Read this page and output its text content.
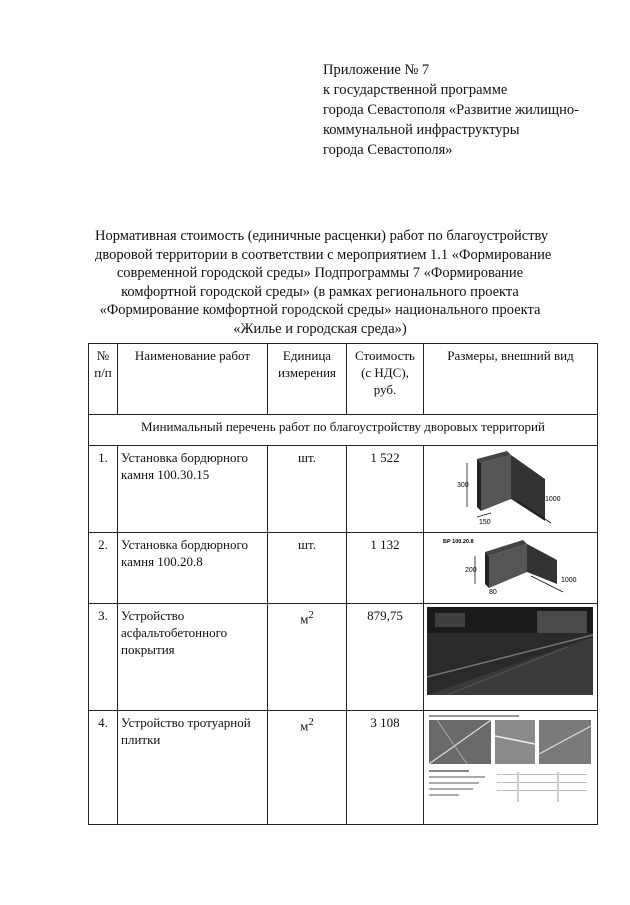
Приложение № 7
к государственной программе
города Севастополя «Развитие жилищно-
коммунальной инфраструктуры
города Севастополя»
Нормативная стоимость (единичные расценки) работ по благоустройству
дворовой территории в соответствии с мероприятием 1.1 «Формирование
современной городской среды» Подпрограммы 7 «Формирование
комфортной городской среды» (в рамках регионального проекта
«Формирование комфортной городской среды» национального проекта
«Жилье и городская среда»)
№ п/п	Наименование работ	Единица измерения	Стоимость (с НДС), руб.	Размеры, внешний вид
Минимальный перечень работ по благоустройству дворовых территорий				
1.	Установка бордюрного камня 100.30.15	шт.	1 522	300
1000
150

2.	Установка бордюрного камня 100.20.8	шт.	1 132	БР 100.20.8
200
1000
80

3.	Устройство асфальтобетонного покрытия	$м^2$	879,75	

4.	Устройство тротуарной плитки	$м^2$	3 108	
